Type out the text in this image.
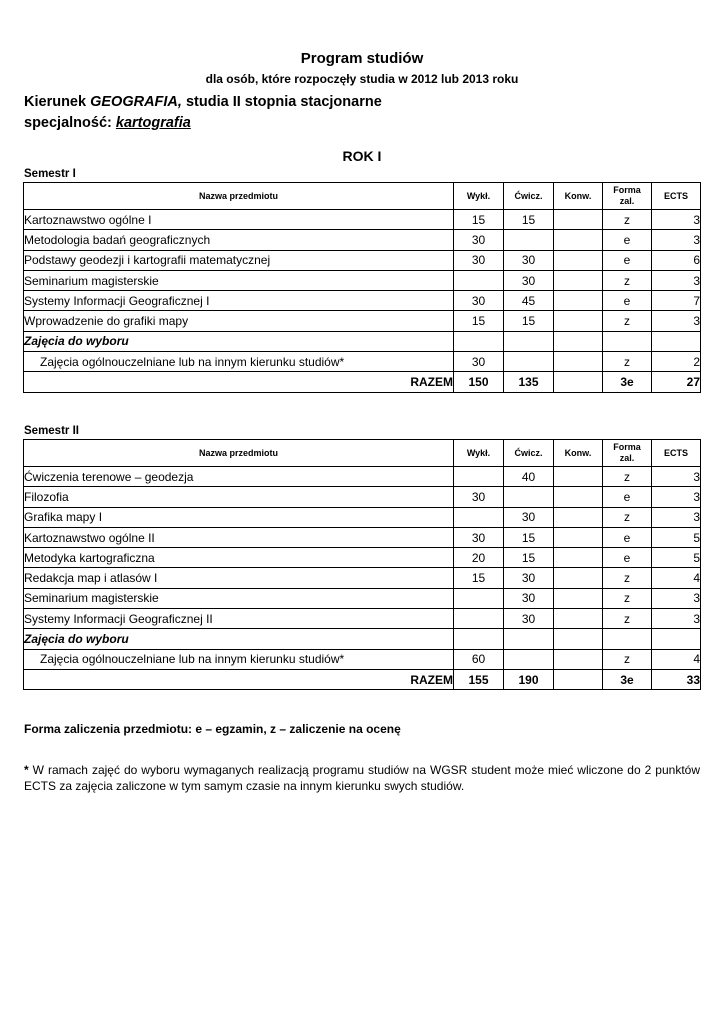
Program studiów
dla osób, które rozpoczęły studia w 2012 lub 2013 roku
Kierunek GEOGRAFIA, studia II stopnia stacjonarne
specjalność: kartografia
ROK I
Semestr I
Nazwa przedmiotu	Wykł.	Ćwicz.	Konw.	Forma zal.	ECTS
Kartoznawstwo ogólne I	15	15		z	3
Metodologia badań geograficznych	30			e	3
Podstawy geodezji i kartografii matematycznej	30	30		e	6
Seminarium magisterskie		30		z	3
Systemy Informacji Geograficznej I	30	45		e	7
Wprowadzenie do grafiki mapy	15	15		z	3
Zajęcia do wyboru					
Zajęcia ogólnouczelniane lub na innym kierunku studiów*	30			z	2
RAZEM	150	135		3e	27
Semestr II
Nazwa przedmiotu	Wykł.	Ćwicz.	Konw.	Forma zal.	ECTS
Ćwiczenia terenowe – geodezja		40		z	3
Filozofia	30			e	3
Grafika mapy I		30		z	3
Kartoznawstwo ogólne II	30	15		e	5
Metodyka kartograficzna	20	15		e	5
Redakcja map i atlasów I	15	30		z	4
Seminarium magisterskie		30		z	3
Systemy Informacji Geograficznej II		30		z	3
Zajęcia do wyboru					
Zajęcia ogólnouczelniane lub na innym kierunku studiów*	60			z	4
RAZEM	155	190		3e	33
Forma zaliczenia przedmiotu: e – egzamin, z – zaliczenie na ocenę
* W ramach zajęć do wyboru wymaganych realizacją programu studiów na WGSR student może mieć wliczone do 2 punktów ECTS za zajęcia zaliczone w tym samym czasie na innym kierunku swych studiów.
